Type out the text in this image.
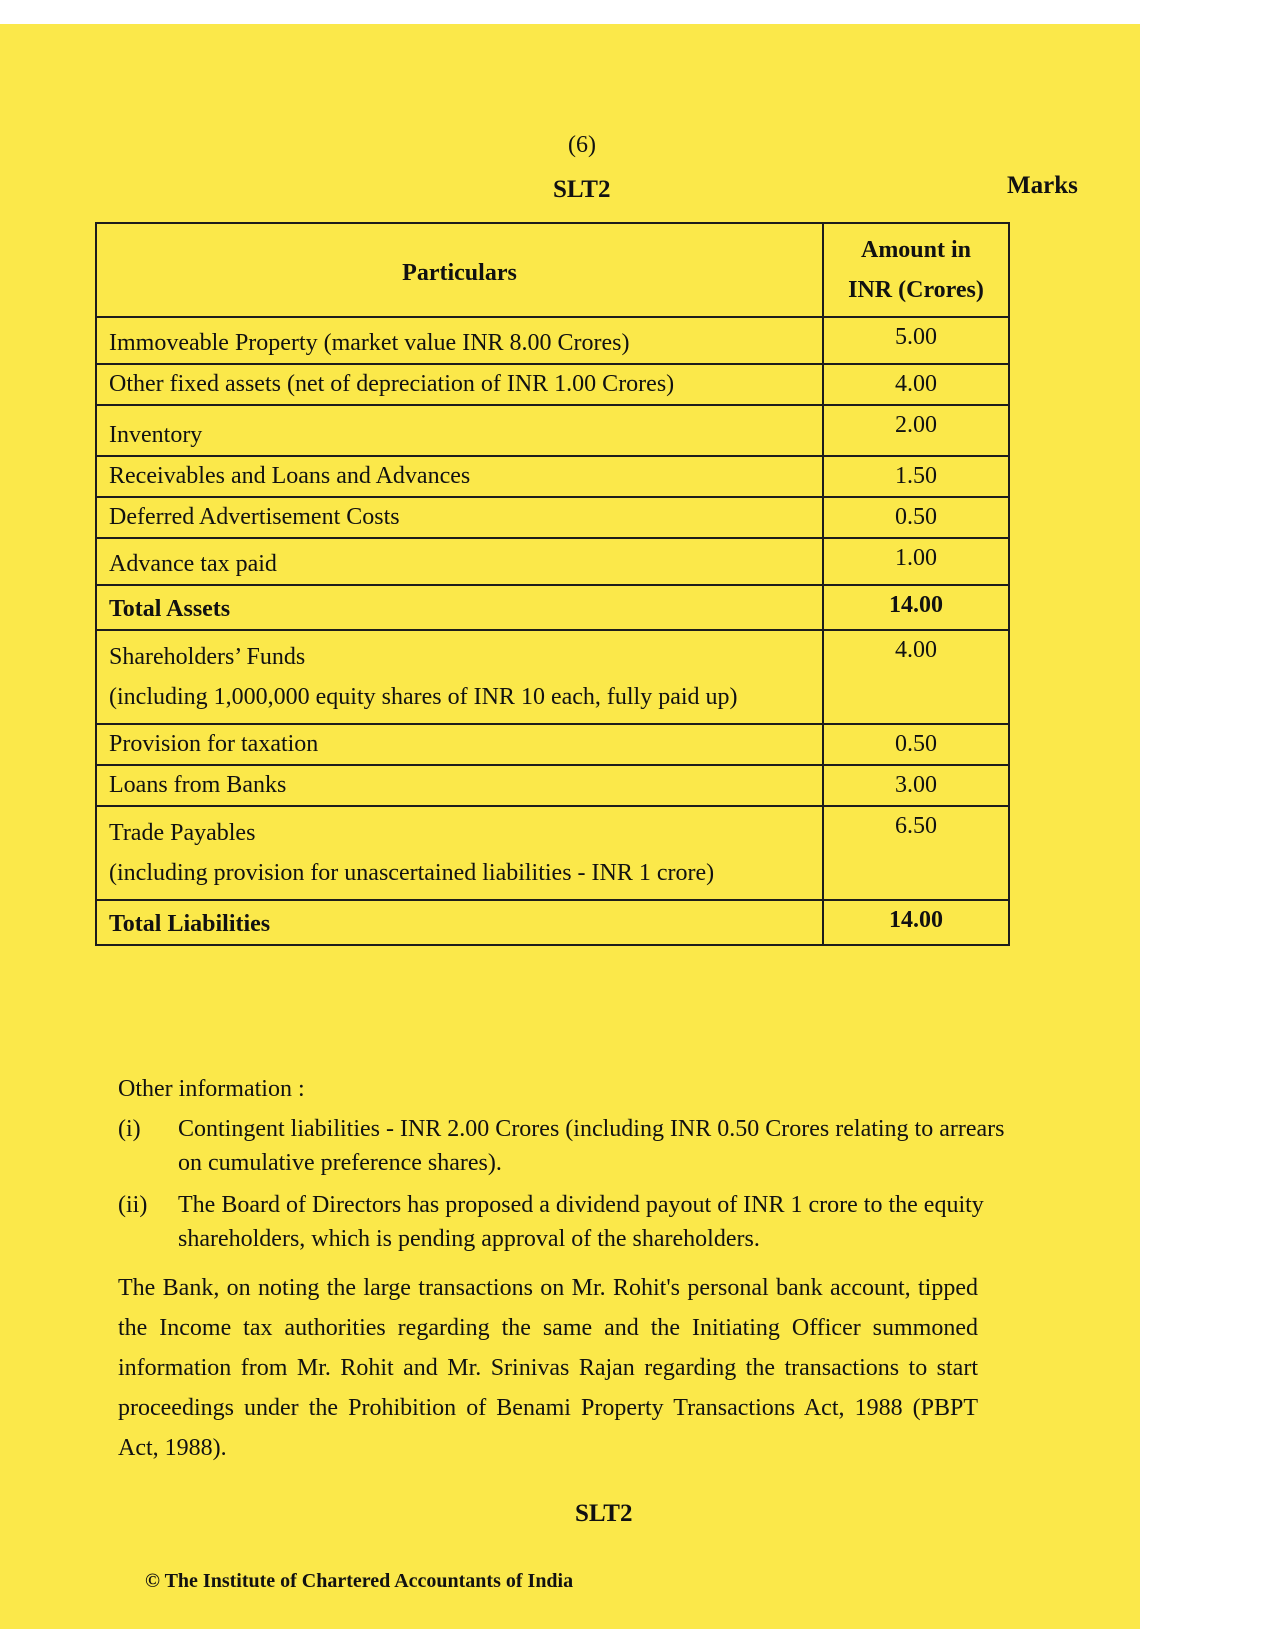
(6)
SLT2	Marks
Particulars	Amount in
INR (Crores)

Immoveable Property (market value INR 8.00 Crores)	5.00
Other fixed assets (net of depreciation of INR 1.00 Crores)	4.00
Inventory	2.00
Receivables and Loans and Advances	1.50
Deferred Advertisement Costs	0.50
Advance tax paid	1.00
Total Assets	14.00

Shareholders’ Funds
(including 1,000,000 equity shares of INR 10 each, fully paid up)	4.00
Provision for taxation	0.50
Loans from Banks	3.00

Trade Payables
(including provision for unascertained liabilities - INR 1 crore)	6.50
Total Liabilities	14.00
Other information :
(i) Contingent liabilities - INR 2.00 Crores (including INR 0.50 Crores relating to arrears on cumulative preference shares).
(ii) The Board of Directors has proposed a dividend payout of INR 1 crore to the equity shareholders, which is pending approval of the shareholders.
The Bank, on noting the large transactions on Mr. Rohit's personal bank account, tipped the Income tax authorities regarding the same and the Initiating Officer summoned information from Mr. Rohit and Mr. Srinivas Rajan regarding the transactions to start proceedings under the Prohibition of Benami Property Transactions Act, 1988 (PBPT Act, 1988).
SLT2
© The Institute of Chartered Accountants of India
